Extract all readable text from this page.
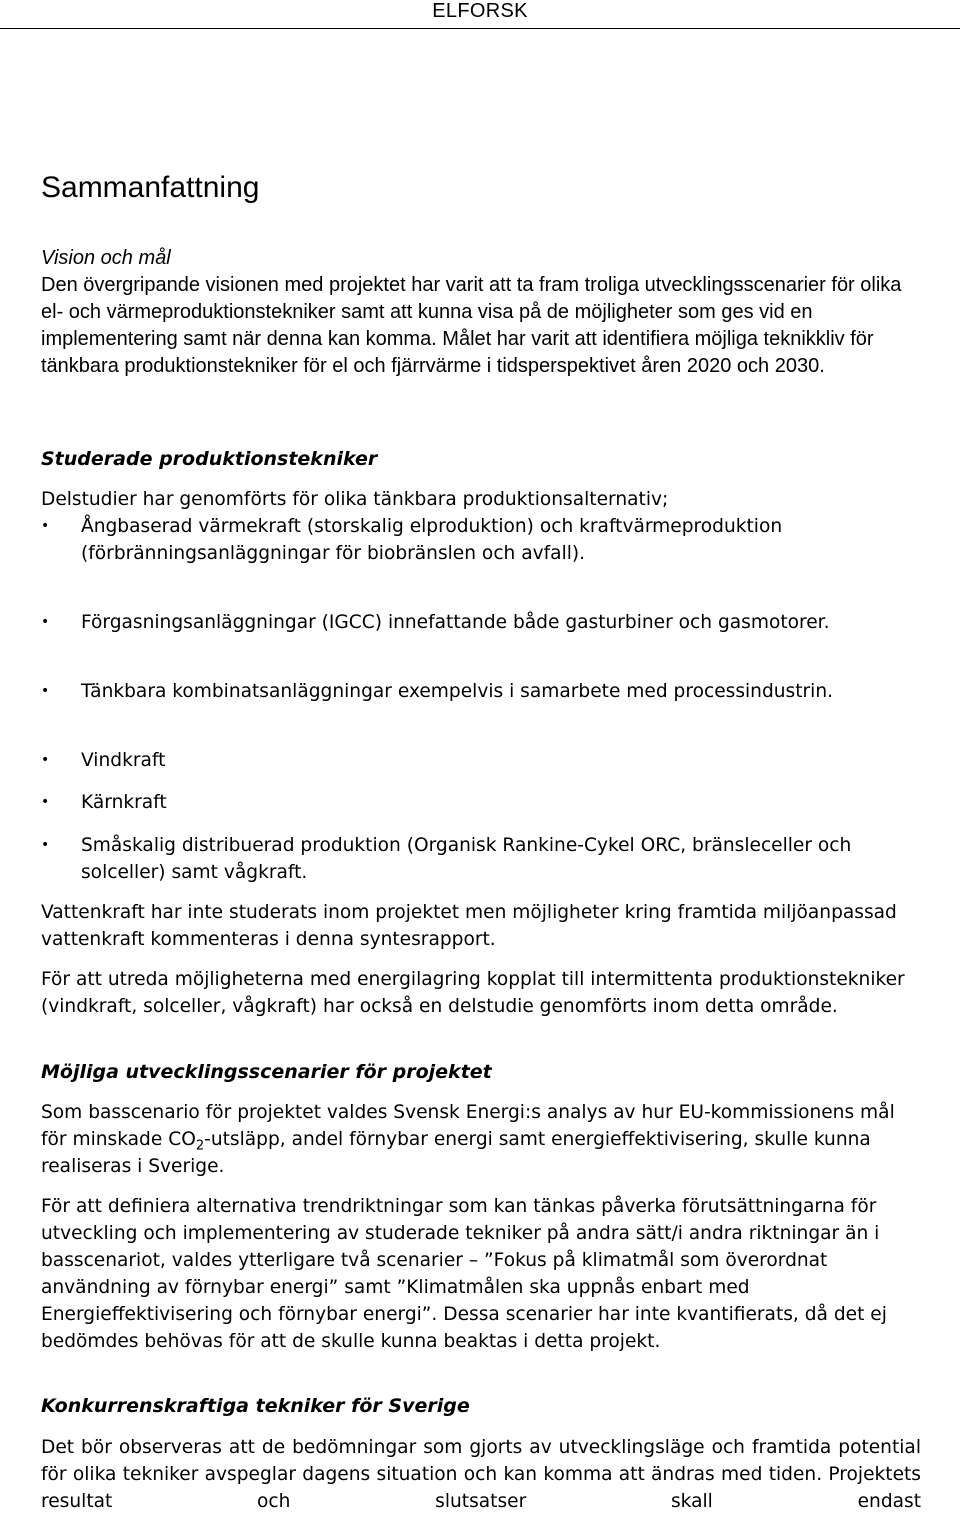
ELFORSK
Sammanfattning
Vision och mål
Den övergripande visionen med projektet har varit att ta fram troliga utvecklingsscenarier för olika el- och värmeproduktionstekniker samt att kunna visa på de möjligheter som ges vid en implementering samt när denna kan komma. Målet har varit att identifiera möjliga teknikkliv för tänkbara produktionstekniker för el och fjärrvärme i tidsperspektivet åren 2020 och 2030.
Studerade produktionstekniker
Delstudier har genomförts för olika tänkbara produktionsalternativ;
•	Ångbaserad värmekraft (storskalig elproduktion) och kraftvärmeproduktion (förbränningsanläggningar för biobränslen och avfall).
•	Förgasningsanläggningar (IGCC) innefattande både gasturbiner och gasmotorer.
•	Tänkbara kombinatsanläggningar exempelvis i samarbete med processindustrin.
•	Vindkraft
•	Kärnkraft
•	Småskalig distribuerad produktion (Organisk Rankine-Cykel ORC, bränsleceller och solceller) samt vågkraft.
Vattenkraft har inte studerats inom projektet men möjligheter kring framtida miljöanpassad vattenkraft kommenteras i denna syntesrapport.
För att utreda möjligheterna med energilagring kopplat till intermittenta produktionstekniker (vindkraft, solceller, vågkraft) har också en delstudie genomförts inom detta område.
Möjliga utvecklingsscenarier för projektet
Som basscenario för projektet valdes Svensk Energi:s analys av hur EU-kommissionens mål för minskade $CO_2$-utsläpp, andel förnybar energi samt energieffektivisering, skulle kunna realiseras i Sverige.
För att definiera alternativa trendriktningar som kan tänkas påverka förutsättningarna för utveckling och implementering av studerade tekniker på andra sätt/i andra riktningar än i basscenariot, valdes ytterligare två scenarier – ”Fokus på klimatmål som överordnat användning av förnybar energi” samt ”Klimatmålen ska uppnås enbart med Energieffektivisering och förnybar energi”. Dessa scenarier har inte kvantifierats, då det ej bedömdes behövas för att de skulle kunna beaktas i detta projekt.
Konkurrenskraftiga tekniker för Sverige
Det bör observeras att de bedömningar som gjorts av utvecklingsläge och framtida potential för olika tekniker avspeglar dagens situation och kan komma att ändras med tiden. Projektets resultat och slutsatser skall endast
